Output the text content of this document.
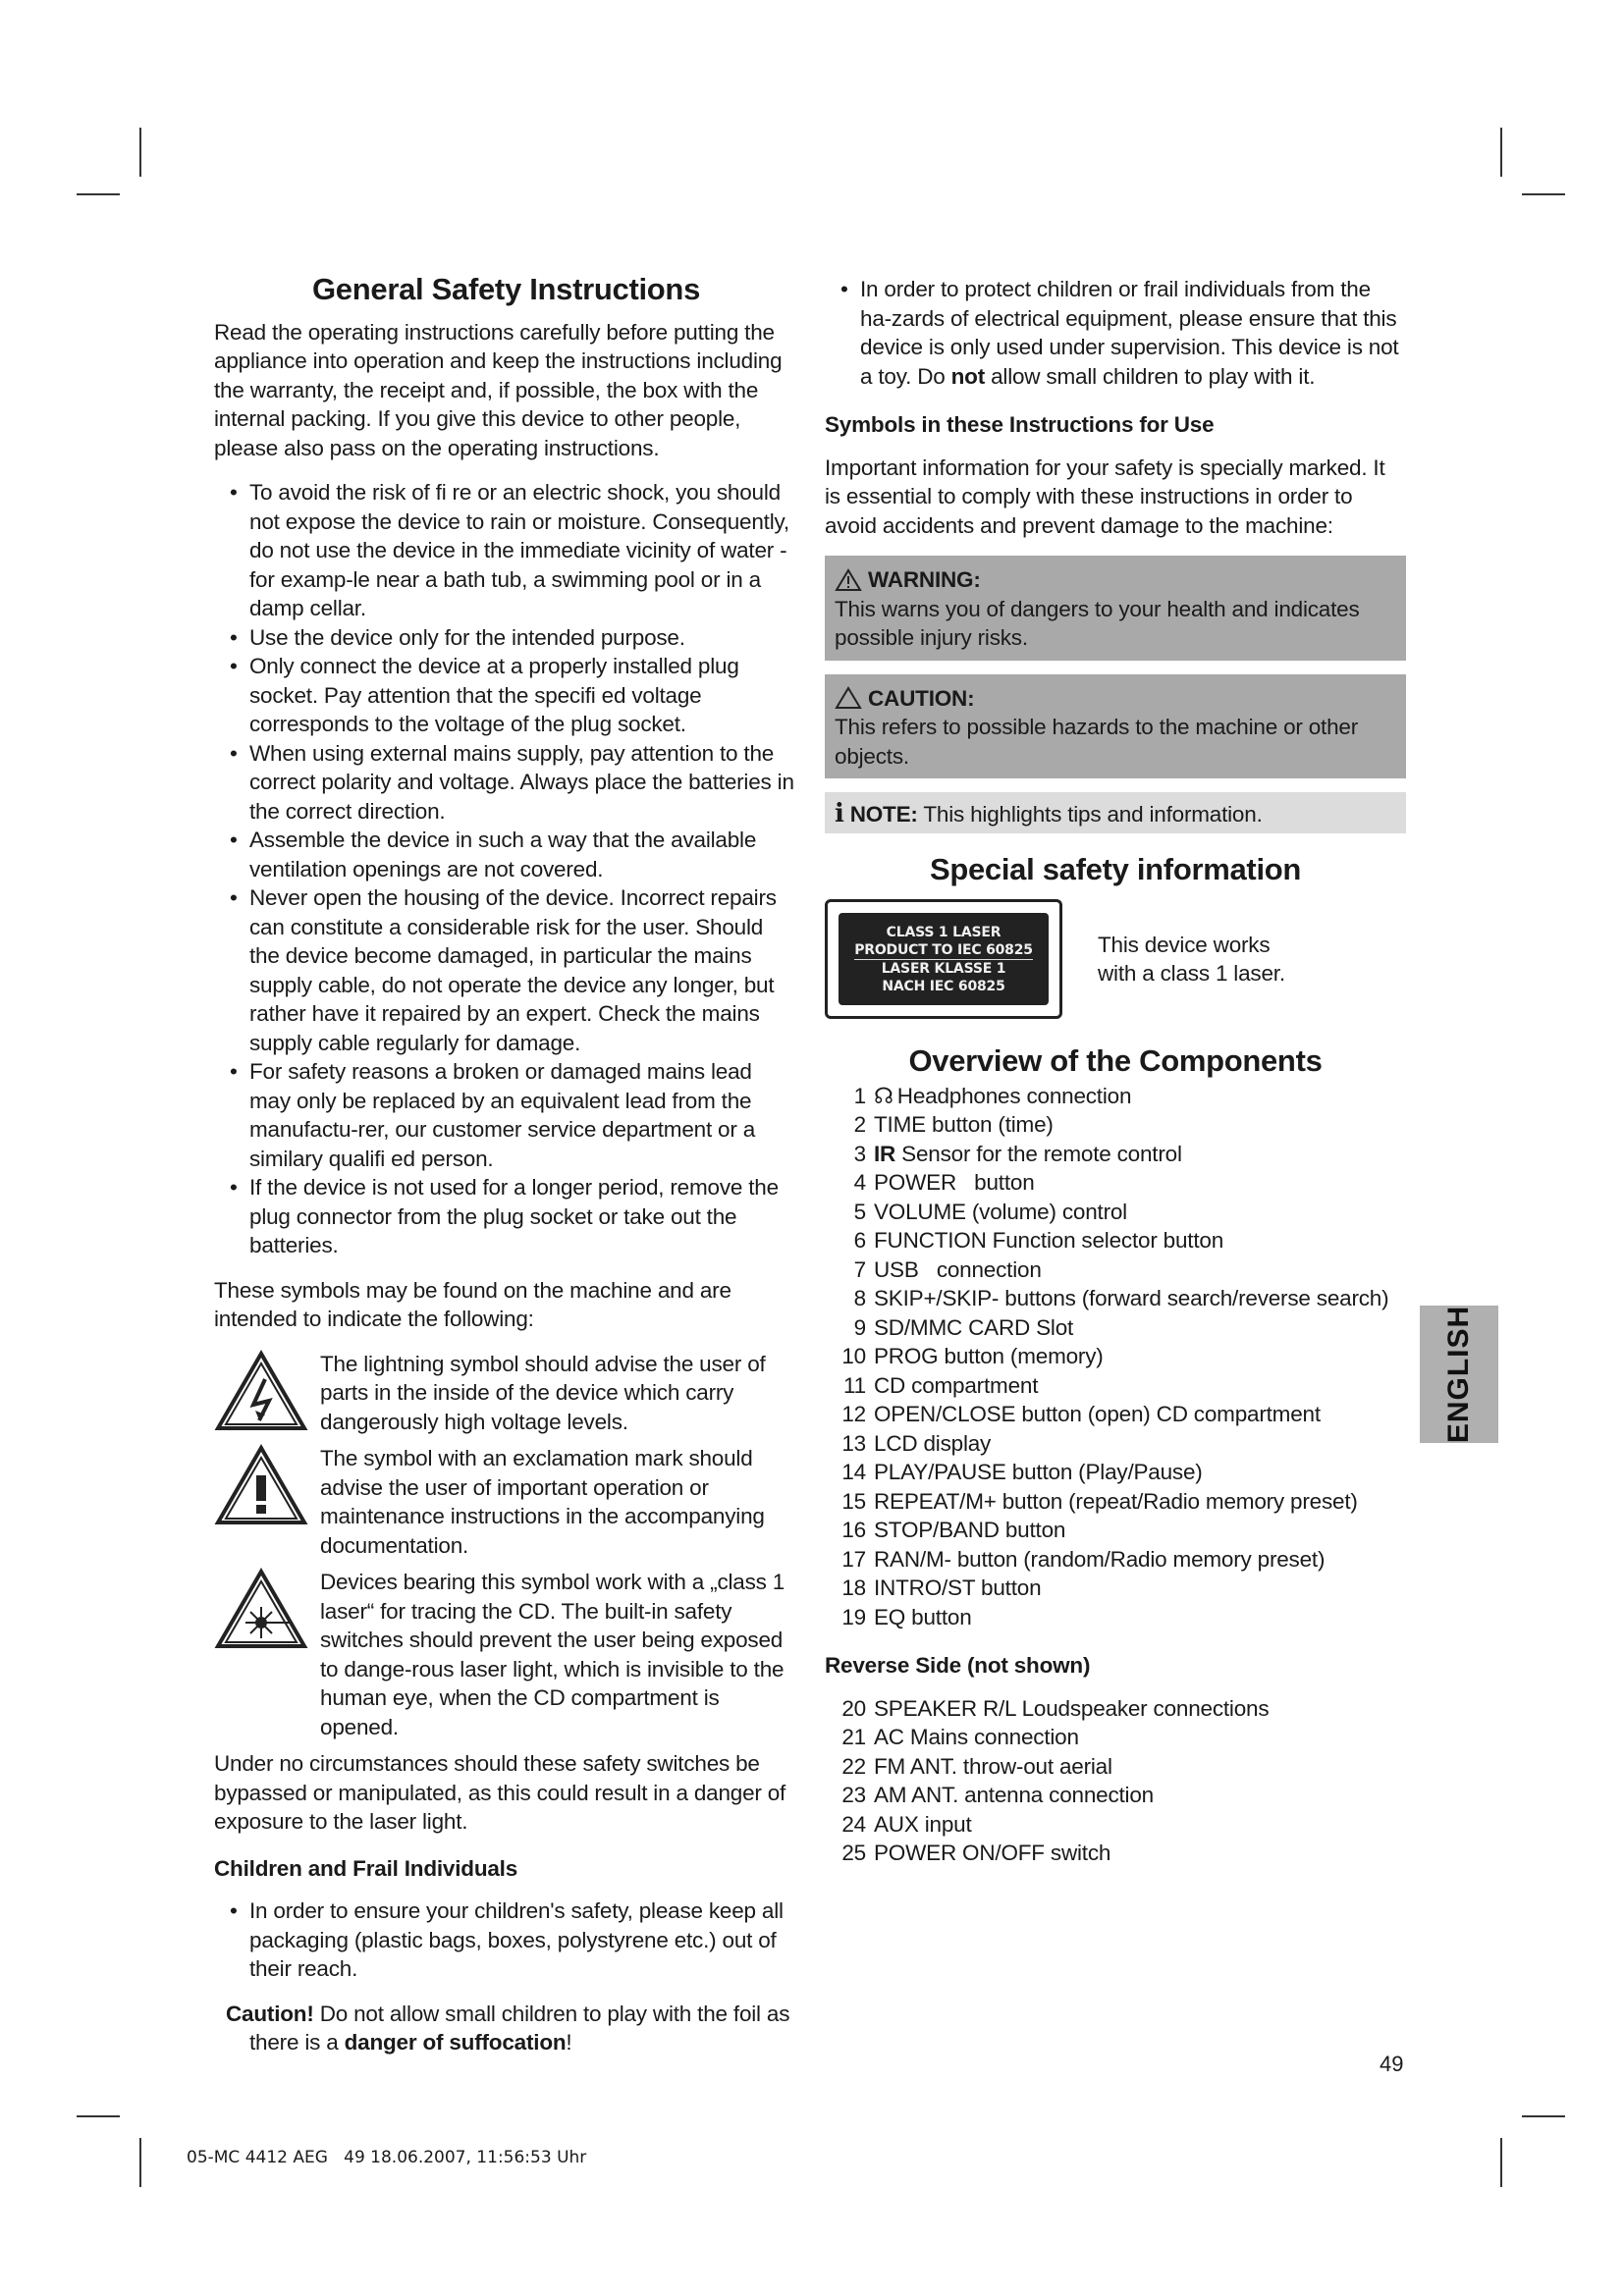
General Safety Instructions

Read the operating instructions carefully before putting the appliance into operation and keep the instructions including the warranty, the receipt and, if possible, the box with the internal packing. If you give this device to other people, please also pass on the operating instructions.

• To avoid the risk of fi re or an electric shock, you should not expose the device to rain or moisture. Consequently, do not use the device in the immediate vicinity of water - for examp-le near a bath tub, a swimming pool or in a damp cellar.
• Use the device only for the intended purpose.
• Only connect the device at a properly installed plug socket. Pay attention that the specifi ed voltage corresponds to the voltage of the plug socket.
• When using external mains supply, pay attention to the correct polarity and voltage. Always place the batteries in the correct direction.
• Assemble the device in such a way that the available ventilation openings are not covered.
• Never open the housing of the device. Incorrect repairs can constitute a considerable risk for the user. Should the device become damaged, in particular the mains supply cable, do not operate the device any longer, but rather have it repaired by an expert. Check the mains supply cable regularly for damage.
• For safety reasons a broken or damaged mains lead may only be replaced by an equivalent lead from the manufactu-rer, our customer service department or a similary qualifi ed person.
• If the device is not used for a longer period, remove the plug connector from the plug socket or take out the batteries.

These symbols may be found on the machine and are intended to indicate the following:

The lightning symbol should advise the user of parts in the inside of the device which carry dangerously high voltage levels.
The symbol with an exclamation mark should advise the user of important operation or maintenance instructions in the accompanying documentation.
Devices bearing this symbol work with a „class 1 laser“ for tracing the CD. The built-in safety switches should prevent the user being exposed to dange-rous laser light, which is invisible to the human eye, when the CD compartment is opened.

Under no circumstances should these safety switches be bypassed or manipulated, as this could result in a danger of exposure to the laser light.

Children and Frail Individuals
• In order to ensure your children's safety, please keep all packaging (plastic bags, boxes, polystyrene etc.) out of their reach.

Caution! Do not allow small children to play with the foil as
there is a danger of suffocation!

• In order to protect children or frail individuals from the ha-zards of electrical equipment, please ensure that this device is only used under supervision. This device is not a toy. Do not allow small children to play with it.
Symbols in these Instructions for Use

Important information for your safety is specially marked. It is essential to comply with these instructions in order to avoid accidents and prevent damage to the machine:

WARNING:
This warns you of dangers to your health and indicates possible injury risks.
CAUTION:
This refers to possible hazards to the machine or other objects.
i NOTE: This highlights tips and information.
Special safety information
CLASS 1 LASER
PRODUCT TO IEC 60825
LASER KLASSE 1
NACH IEC 60825
This device works with a class 1 laser.
Overview of the Components
1 ☊ Headphones connection
2 TIME button (time)
3 IR Sensor for the remote control
4 POWER   button
5 VOLUME (volume) control
6 FUNCTION Function selector button
7 USB   connection
8 SKIP+/SKIP- buttons (forward search/reverse search)
9 SD/MMC CARD Slot
10 PROG button (memory)
11 CD compartment
12 OPEN/CLOSE button (open) CD compartment
13 LCD display
14 PLAY/PAUSE button (Play/Pause)
15 REPEAT/M+ button (repeat/Radio memory preset)
16 STOP/BAND button
17 RAN/M- button (random/Radio memory preset)
18 INTRO/ST button
19 EQ button
Reverse Side (not shown)
20 SPEAKER R/L Loudspeaker connections
21 AC Mains connection
22 FM ANT. throw-out aerial
23 AM ANT. antenna connection
24 AUX input
25 POWER ON/OFF switch
ENGLISH
49
05-MC 4412 AEG   49 18.06.2007, 11:56:53 Uhr
